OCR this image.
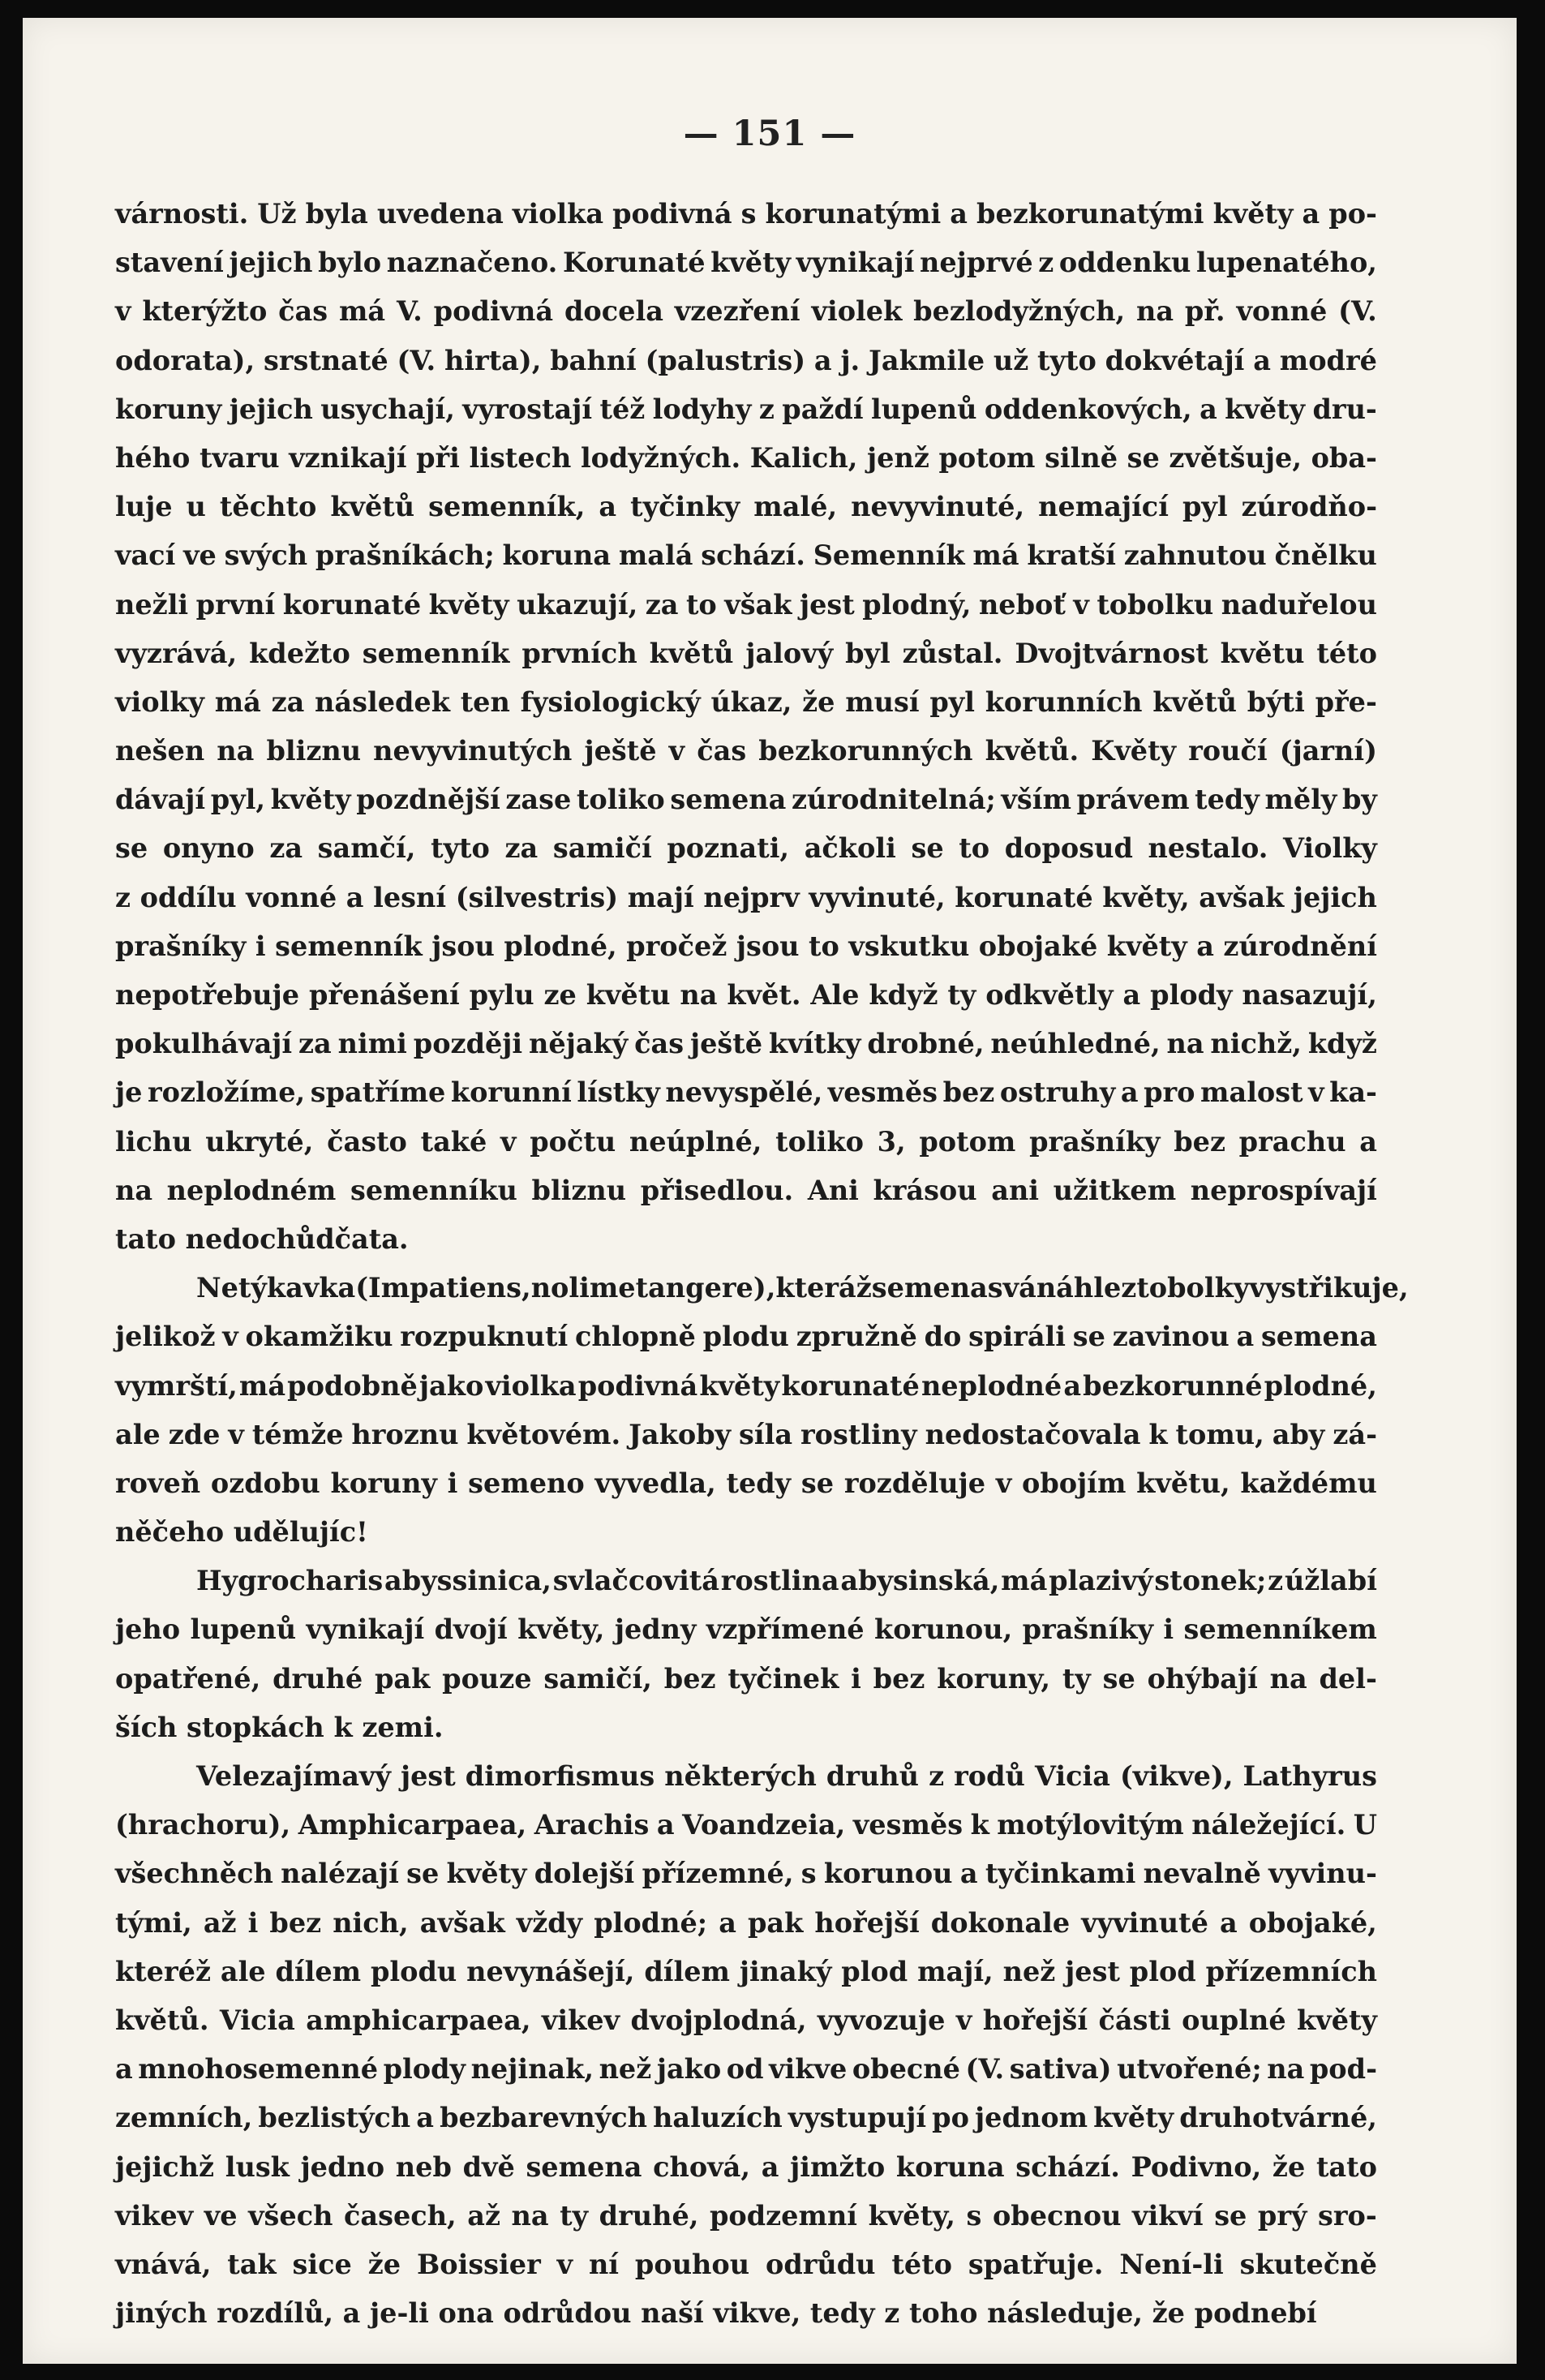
— 151 —
várnosti. Už byla uvedena violka podivná s korunatými a bezkorunatými květy a po-
stavení jejich bylo naznačeno. Korunaté květy vynikají nejprvé z oddenku lupenatého,
v kterýžto čas má V. podivná docela vzezření violek bezlodyžných, na př. vonné (V.
odorata), srstnaté (V. hirta), bahní (palustris) a j. Jakmile už tyto dokvétají a modré
koruny jejich usychají, vyrostají též lodyhy z paždí lupenů oddenkových, a květy dru-
hého tvaru vznikají při listech lodyžných. Kalich, jenž potom silně se zvětšuje, oba-
luje u těchto květů semenník, a tyčinky malé, nevyvinuté, nemající pyl zúrodňo-
vací ve svých prašníkách; koruna malá schází. Semenník má kratší zahnutou čnělku
nežli první korunaté květy ukazují, za to však jest plodný, neboť v tobolku naduřelou
vyzrává, kdežto semenník prvních květů jalový byl zůstal. Dvojtvárnost květu této
violky má za následek ten fysiologický úkaz, že musí pyl korunních květů býti pře-
nešen na bliznu nevyvinutých ještě v čas bezkorunných květů. Květy roučí (jarní)
dávají pyl, květy pozdnější zase toliko semena zúrodnitelná; vším právem tedy měly by
se onyno za samčí, tyto za samičí poznati, ačkoli se to doposud nestalo. Violky
z oddílu vonné a lesní (silvestris) mají nejprv vyvinuté, korunaté květy, avšak jejich
prašníky i semenník jsou plodné, pročež jsou to vskutku obojaké květy a zúrodnění
nepotřebuje přenášení pylu ze květu na květ. Ale když ty odkvětly a plody nasazují,
pokulhávají za nimi později nějaký čas ještě kvítky drobné, neúhledné, na nichž, když
je rozložíme, spatříme korunní lístky nevyspělé, vesměs bez ostruhy a pro malost v ka-
lichu ukryté, často také v počtu neúplné, toliko 3, potom prašníky bez prachu a
na neplodném semenníku bliznu přisedlou. Ani krásou ani užitkem neprospívají
tato nedochůdčata.
Netýkavka (Impatiens, noli me tangere), kteráž semena svá náhle z tobolky vystřikuje,
jelikož v okamžiku rozpuknutí chlopně plodu zpružně do spiráli se zavinou a semena
vymrští, má podobně jako violka podivná květy korunaté neplodné a bezkorunné plodné,
ale zde v témže hroznu květovém. Jakoby síla rostliny nedostačovala k tomu, aby zá-
roveň ozdobu koruny i semeno vyvedla, tedy se rozděluje v obojím květu, každému
něčeho udělujíc!
Hygrocharis abyssinica, svlačcovitá rostlina abysinská, má plazivý stonek; z úžlabí
jeho lupenů vynikají dvojí květy, jedny vzpřímené korunou, prašníky i semenníkem
opatřené, druhé pak pouze samičí, bez tyčinek i bez koruny, ty se ohýbají na del-
ších stopkách k zemi.
Velezajímavý jest dimorfismus některých druhů z rodů Vicia (vikve), Lathyrus
(hrachoru), Amphicarpaea, Arachis a Voandzeia, vesměs k motýlovitým náležející. U
všechněch nalézají se květy dolejší přízemné, s korunou a tyčinkami nevalně vyvinu-
tými, až i bez nich, avšak vždy plodné; a pak hořejší dokonale vyvinuté a obojaké,
kteréž ale dílem plodu nevynášejí, dílem jinaký plod mají, než jest plod přízemních
květů. Vicia amphicarpaea, vikev dvojplodná, vyvozuje v hořejší části ouplné květy
a mnohosemenné plody nejinak, než jako od vikve obecné (V. sativa) utvořené; na pod-
zemních, bezlistých a bezbarevných haluzích vystupují po jednom květy druhotvárné,
jejichž lusk jedno neb dvě semena chová, a jimžto koruna schází. Podivno, že tato
vikev ve všech časech, až na ty druhé, podzemní květy, s obecnou vikví se prý sro-
vnává, tak sice že Boissier v ní pouhou odrůdu této spatřuje. Není-li skutečně
jiných rozdílů, a je-li ona odrůdou naší vikve, tedy z toho následuje, že podnebí
